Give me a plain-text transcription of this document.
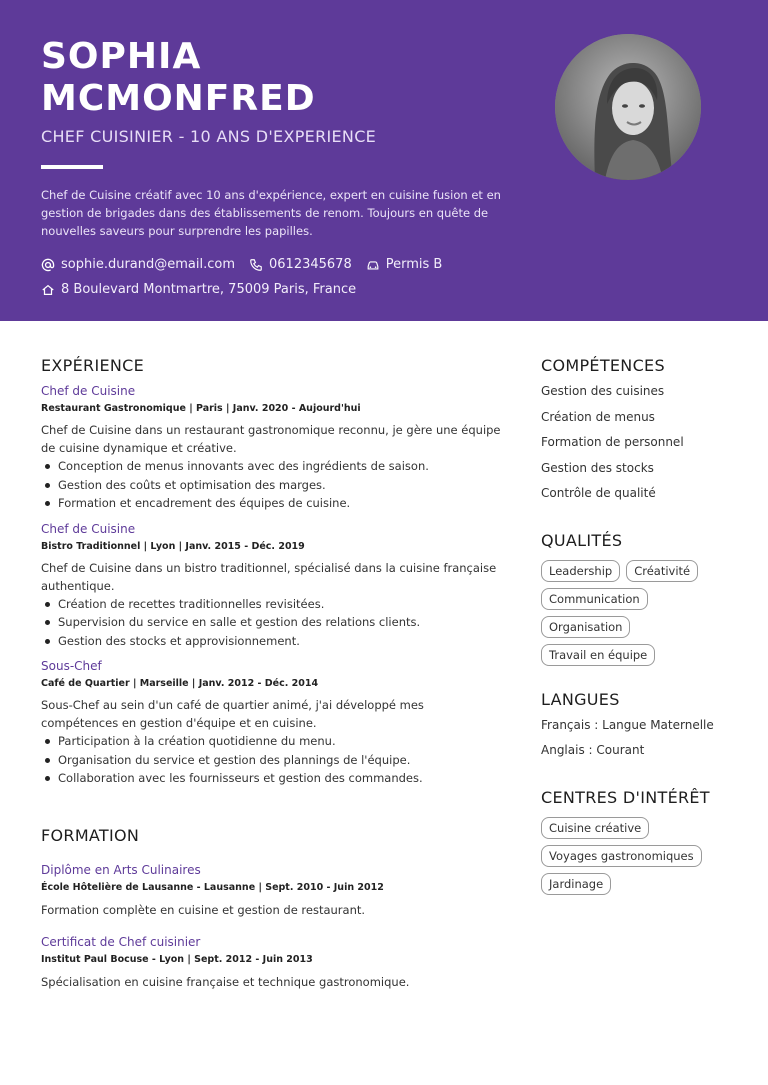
SOPHIA
MCMONFRED
CHEF CUISINIER - 10 ANS D'EXPERIENCE
Chef de Cuisine créatif avec 10 ans d'expérience, expert en cuisine fusion et en gestion de brigades dans des établissements de renom. Toujours en quête de nouvelles saveurs pour surprendre les papilles.
sophie.durand@email.com	0612345678	Permis B
8 Boulevard Montmartre, 75009 Paris, France
EXPÉRIENCE
Chef de Cuisine
Restaurant Gastronomique | Paris | Janv. 2020 - Aujourd'hui
Chef de Cuisine dans un restaurant gastronomique reconnu, je gère une équipe de cuisine dynamique et créative.
Conception de menus innovants avec des ingrédients de saison.
Gestion des coûts et optimisation des marges.
Formation et encadrement des équipes de cuisine.
Chef de Cuisine
Bistro Traditionnel | Lyon | Janv. 2015 - Déc. 2019
Chef de Cuisine dans un bistro traditionnel, spécialisé dans la cuisine française authentique.
Création de recettes traditionnelles revisitées.
Supervision du service en salle et gestion des relations clients.
Gestion des stocks et approvisionnement.
Sous-Chef
Café de Quartier | Marseille | Janv. 2012 - Déc. 2014
Sous-Chef au sein d'un café de quartier animé, j'ai développé mes compétences en gestion d'équipe et en cuisine.
Participation à la création quotidienne du menu.
Organisation du service et gestion des plannings de l'équipe.
Collaboration avec les fournisseurs et gestion des commandes.
FORMATION
Diplôme en Arts Culinaires
École Hôtelière de Lausanne - Lausanne | Sept. 2010 - Juin 2012
Formation complète en cuisine et gestion de restaurant.
Certificat de Chef cuisinier
Institut Paul Bocuse - Lyon | Sept. 2012 - Juin 2013
Spécialisation en cuisine française et technique gastronomique.
COMPÉTENCES
Gestion des cuisines
Création de menus
Formation de personnel
Gestion des stocks
Contrôle de qualité
QUALITÉS
Leadership	Créativité
Communication
Organisation
Travail en équipe
LANGUES
Français : Langue Maternelle
Anglais : Courant
CENTRES D'INTÉRÊT
Cuisine créative
Voyages gastronomiques
Jardinage
